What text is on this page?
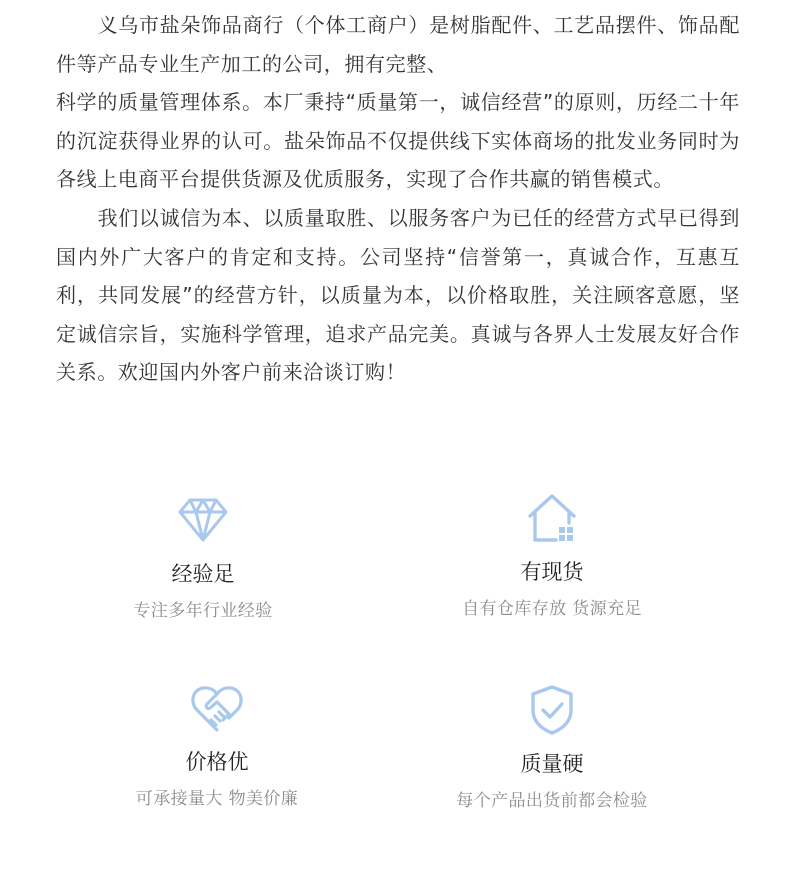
　　义乌市盐朵饰品商行（个体工商户）是树脂配件、工艺品摆件、饰品配件等产品专业生产加工的公司，拥有完整、
科学的质量管理体系。本厂秉持“质量第一，诚信经营”的原则，历经二十年的沉淀获得业界的认可。盐朵饰品不仅提供线下实体商场的批发业务同时为各线上电商平台提供货源及优质服务，实现了合作共赢的销售模式。

　　我们以诚信为本、以质量取胜、以服务客户为已任的经营方式早已得到国内外广大客户的肯定和支持。公司坚持“信誉第一，真诚合作，互惠互利，共同发展”的经营方针，以质量为本，以价格取胜，关注顾客意愿，坚定诚信宗旨，实施科学管理，追求产品完美。真诚与各界人士发展友好合作关系。欢迎国内外客户前来洽谈订购！

经验足
专注多年行业经验
有现货
自有仓库存放 货源充足
价格优
可承接量大 物美价廉
质量硬
每个产品出货前都会检验
